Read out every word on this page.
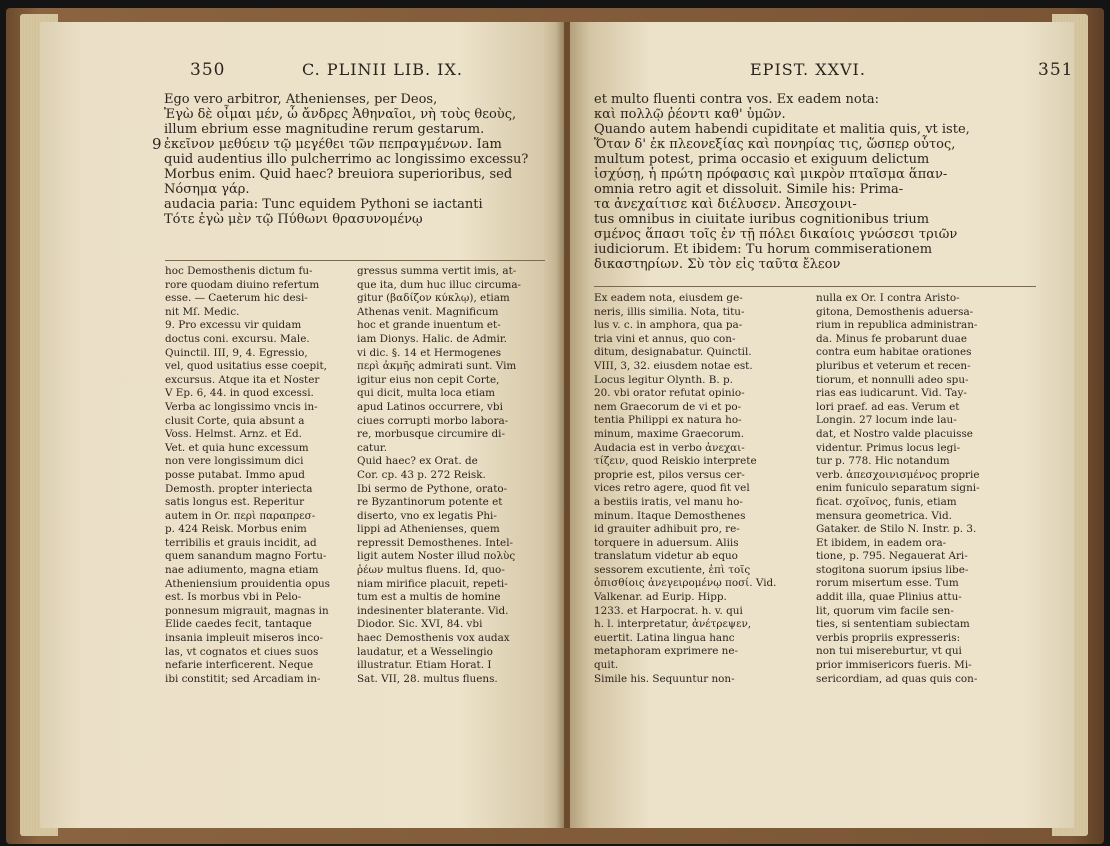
350	C. PLINII LIB. IX.
Ego vero arbitror, Athenienses, per Deos,
Ἐγὼ δὲ οἶμαι μέν, ὦ ἄνδρες Ἀθηναῖοι, νὴ τοὺς θεοὺς,
illum ebrium esse magnitudine rerum gestarum.
ἐκεῖνον μεθύειν τῷ μεγέθει τῶν πεπραγμένων. Iam
quid audentius illo pulcherrimo ac longissimo excessu?
Morbus enim. Quid haec? breuiora superioribus, sed
Νόσημα γάρ.
audacia paria: Tunc equidem Pythoni se iactanti
Τότε ἐγὼ μὲν τῷ Πύθωνι θρασυνομένῳ
9
hoc Demosthenis dictum fu-
rore quodam diuino refertum
esse. — Caeterum hic desi-
nit Mſ. Medic.
9. Pro excessu vir quidam
doctus coni. excursu. Male.
Quinctil. III, 9, 4. Egressio,
vel, quod usitatius esse coepit,
excursus. Atque ita et Noster
V Ep. 6, 44. in quod excessi.
Verba ac longissimo vncis in-
clusit Corte, quia absunt a
Voss. Helmst. Arnz. et Ed.
Vet. et quia hunc excessum
non vere longissimum dici
posse putabat. Immo apud
Demosth. propter interiecta
satis longus est. Reperitur
autem in Or. περὶ παραπρεσ-
p. 424 Reisk. Morbus enim
terribilis et grauis incidit, ad
quem sanandum magno Fortu-
nae adiumento, magna etiam
Atheniensium prouidentia opus
est. Is morbus vbi in Pelo-
ponnesum migrauit, magnas in
Elide caedes fecit, tantaque
insania impleuit miseros inco-
las, vt cognatos et ciues suos
nefarie interficerent. Neque
ibi constitit; sed Arcadiam in-
gressus summa vertit imis, at-
que ita, dum huc illuc circuma-
gitur (βαδίζον κύκλῳ), etiam
Athenas venit. Magnificum
hoc et grande inuentum et-
iam Dionys. Halic. de Admir.
vi dic. §. 14 et Hermogenes
περὶ ἀκμῆς admirati sunt. Vim
igitur eius non cepit Corte,
qui dicit, multa loca etiam
apud Latinos occurrere, vbi
ciues corrupti morbo labora-
re, morbusque circumire di-
catur.
Quid haec? ex Orat. de
Cor. cp. 43 p. 272 Reisk.
Ibi sermo de Pythone, orato-
re Byzantinorum potente et
diserto, vno ex legatis Phi-
lippi ad Athenienses, quem
repressit Demosthenes. Intel-
ligit autem Noster illud πολὺς
ῥέων multus fluens. Id, quo-
niam mirifice placuit, repeti-
tum est a multis de homine
indesinenter blaterante. Vid.
Diodor. Sic. XVI, 84. vbi
haec Demosthenis vox audax
laudatur, et a Wesselingio
illustratur. Etiam Horat. I
Sat. VII, 28. multus fluens.
EPIST. XXVI.	351
et multo fluenti contra vos. Ex eadem nota:
καὶ πολλῷ ῥέοντι καθ' ὑμῶν.
Quando autem habendi cupiditate et malitia quis, vt iste,
Ὅταν δ' ἐκ πλεονεξίας καὶ πονηρίας τις, ὥσπερ οὗτος,
multum potest, prima occasio et exiguum delictum
ἰσχύσῃ, ἡ πρώτη πρόφασις καὶ μικρὸν πταῖσμα ἅπαν-
omnia retro agit et dissoluit. Simile his: Prima-
τα ἀνεχαίτισε καὶ διέλυσεν. Ἀπεσχοινι-
tus omnibus in ciuitate iuribus cognitionibus trium
σμένος ἅπασι τοῖς ἐν τῇ πόλει δικαίοις γνώσεσι τριῶν
iudiciorum. Et ibidem: Tu horum commiserationem
δικαστηρίων. Σὺ τὸν εἰς ταῦτα ἔλεον
Ex eadem nota, eiusdem ge-
neris, illis similia. Nota, titu-
lus v. c. in amphora, qua pa-
tria vini et annus, quo con-
ditum, designabatur. Quinctil.
VIII, 3, 32. eiusdem notae est.
Locus legitur Olynth. B. p.
20. vbi orator refutat opinio-
nem Graecorum de vi et po-
tentia Philippi ex natura ho-
minum, maxime Graecorum.
Audacia est in verbo ἀνεχαι-
τίζειν, quod Reiskio interprete
proprie est, pilos versus cer-
vices retro agere, quod fit vel
a bestiis iratis, vel manu ho-
minum. Itaque Demosthenes
id grauiter adhibuit pro, re-
torquere in aduersum. Aliis
translatum videtur ab equo
sessorem excutiente, ἐπὶ τοῖς
ὀπισθίοις ἀνεγειρομένῳ ποσί. Vid.
Valkenar. ad Eurip. Hipp.
1233. et Harpocrat. h. v. qui
h. l. interpretatur, ἀνέτρεψεν,
euertit. Latina lingua hanc
metaphoram exprimere ne-
quit.
Simile his. Sequuntur non-
nulla ex Or. I contra Aristo-
gitona, Demosthenis aduersa-
rium in republica administran-
da. Minus fe probarunt duae
contra eum habitae orationes
pluribus et veterum et recen-
tiorum, et nonnulli adeo spu-
rias eas iudicarunt. Vid. Tay-
lori praef. ad eas. Verum et
Longin. 27 locum inde lau-
dat, et Nostro valde placuisse
videntur. Primus locus legi-
tur p. 778. Hic notandum
verb. ἀπεσχοινισμένος proprie
enim funiculo separatum signi-
ficat. σχοῖνος, funis, etiam
mensura geometrica. Vid.
Gataker. de Stilo N. Instr. p. 3.
Et ibidem, in eadem ora-
tione, p. 795. Negauerat Ari-
stogitona suorum ipsius libe-
rorum misertum esse. Tum
addit illa, quae Plinius attu-
lit, quorum vim facile sen-
ties, si sententiam subiectam
verbis propriis expresseris:
non tui misereburtur, vt qui
prior immisericors fueris. Mi-
sericordiam, ad quas quis con-
